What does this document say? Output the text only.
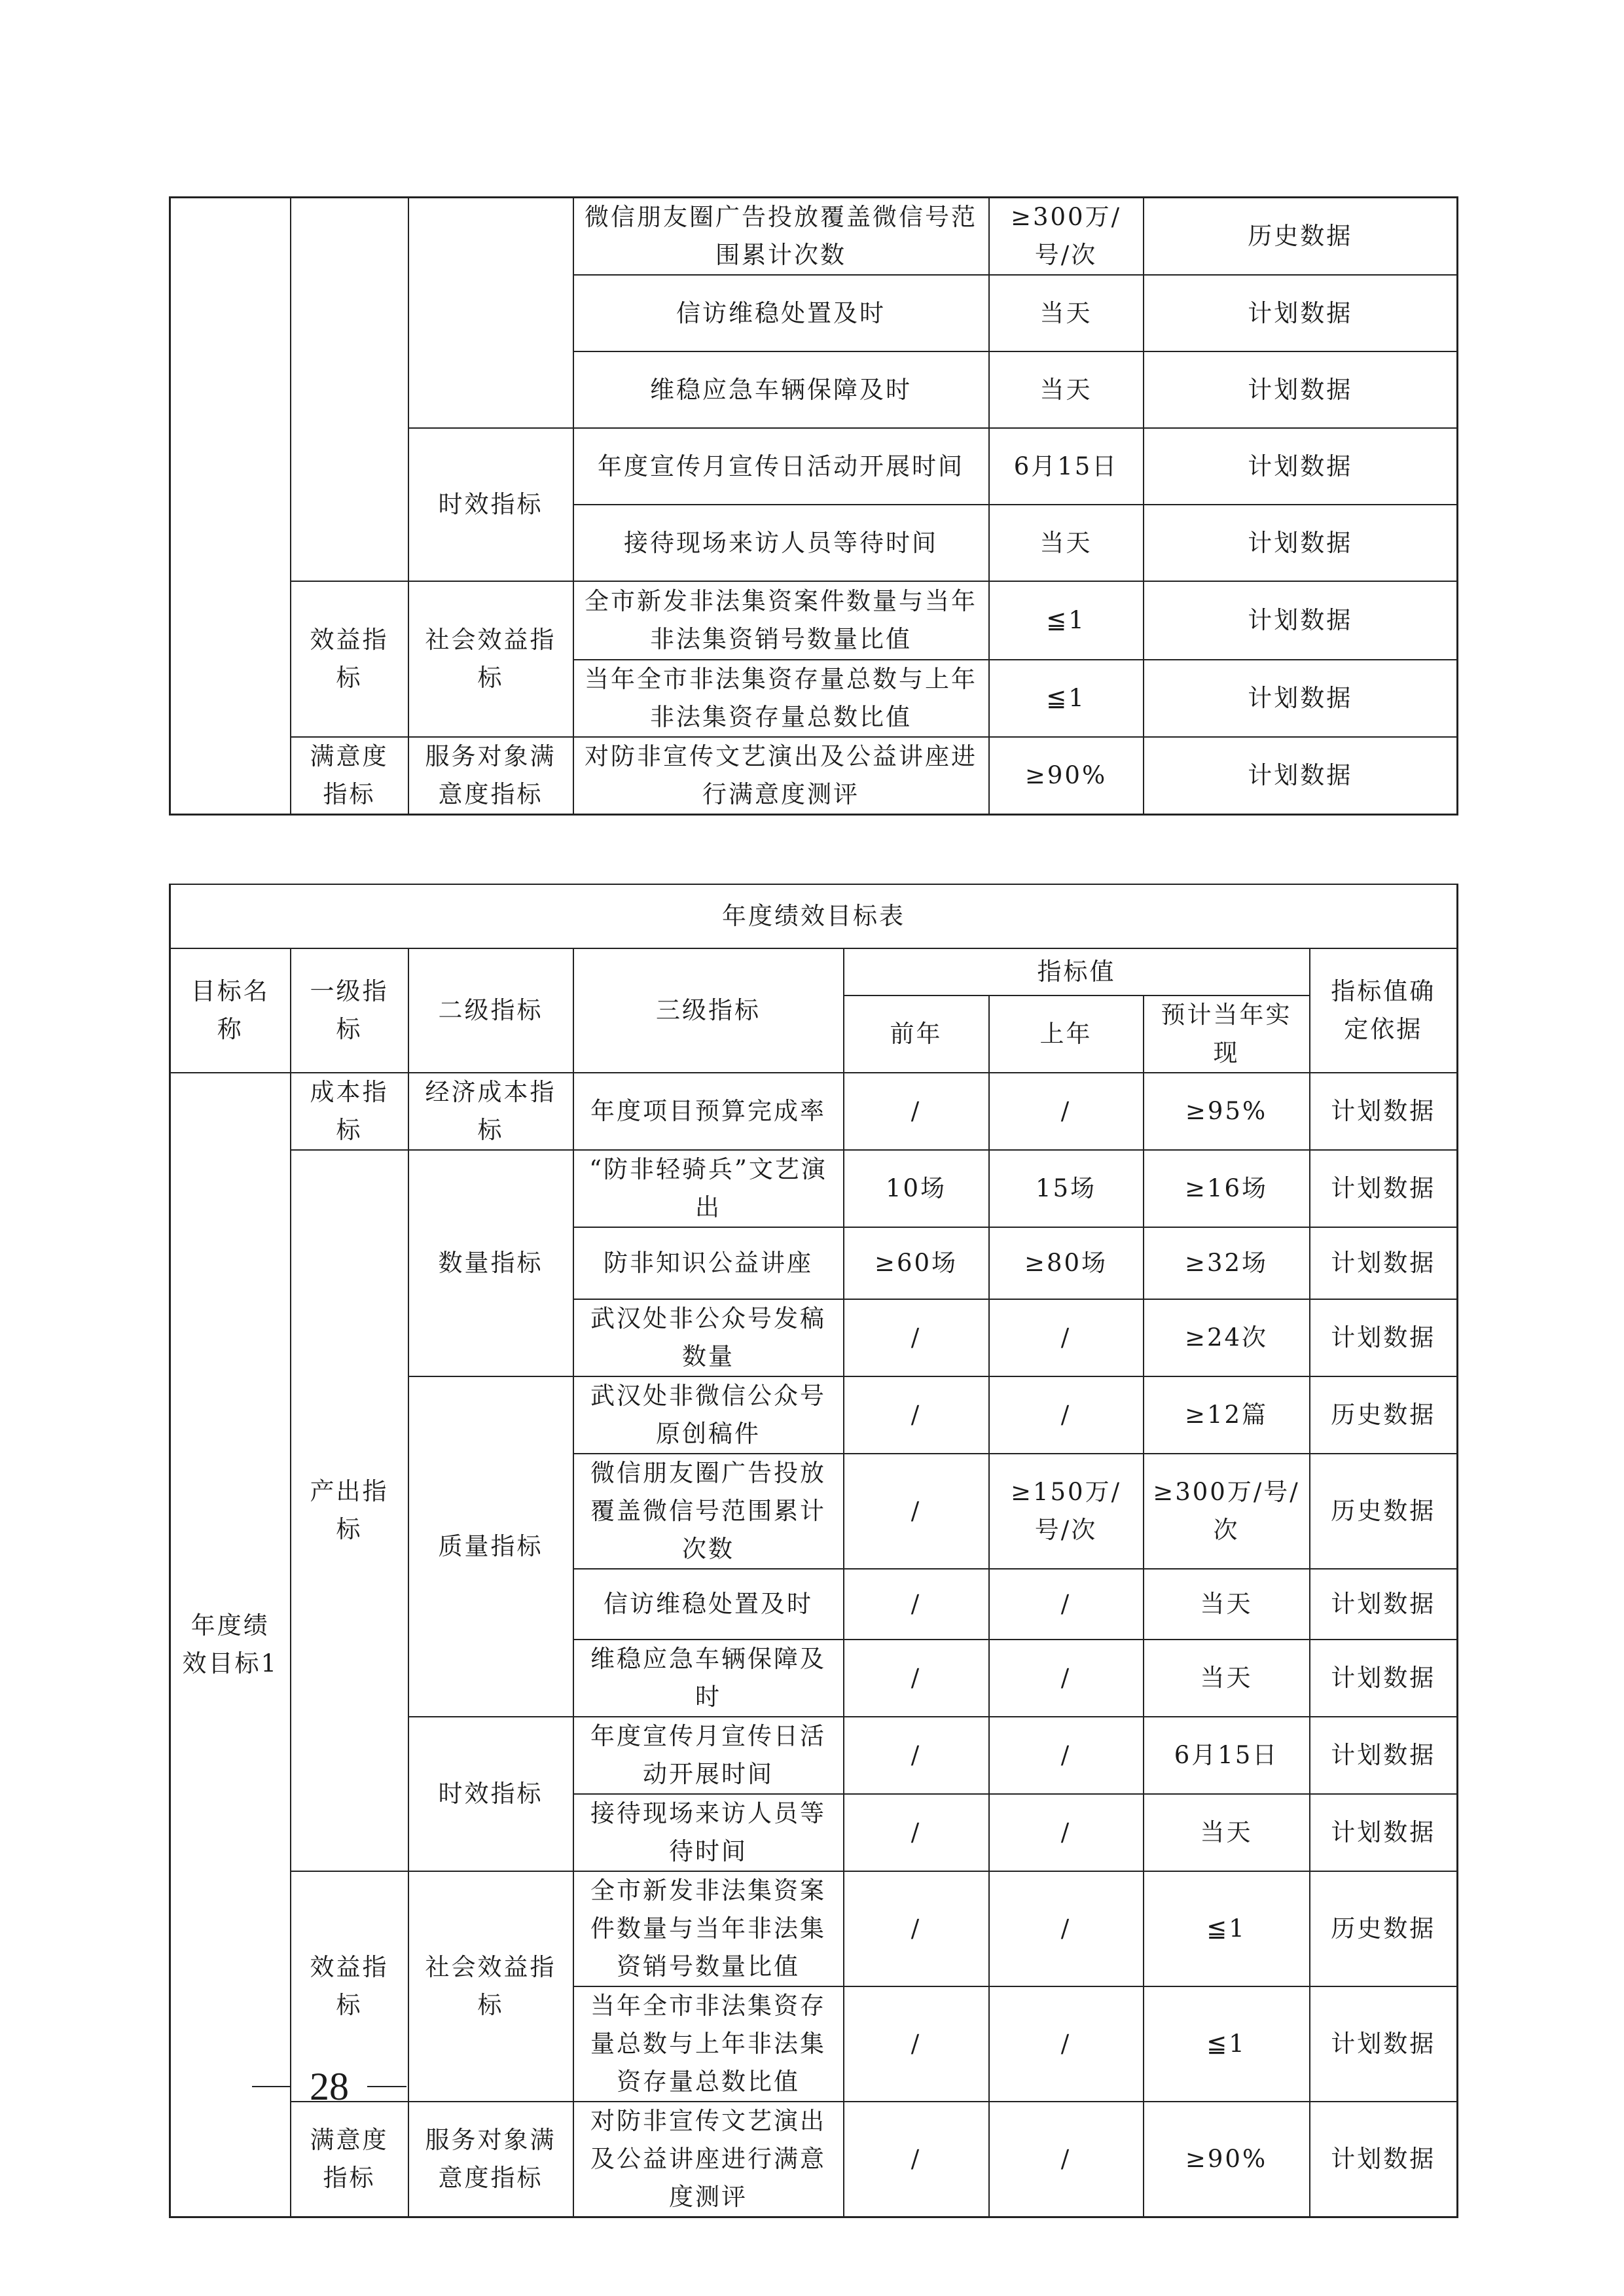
			微信朋友圈广告投放覆盖微信号范围累计次数	≥300万/号/次	历史数据
			信访维稳处置及时	当天	计划数据
			维稳应急车辆保障及时	当天	计划数据
		时效指标	年度宣传月宣传日活动开展时间	6月15日	计划数据
			接待现场来访人员等待时间	当天	计划数据
	效益指标	社会效益指标	全市新发非法集资案件数量与当年非法集资销号数量比值	≦1	计划数据
			当年全市非法集资存量总数与上年非法集资存量总数比值	≦1	计划数据
	满意度指标	服务对象满意度指标	对防非宣传文艺演出及公益讲座进行满意度测评	≥90%	计划数据
年度绩效目标表							
目标名称	一级指标	二级指标	三级指标	指标值			指标值确定依据
				前年	上年	预计当年实现	
年度绩效目标1	成本指标	经济成本指标	年度项目预算完成率	/	/	≥95%	计划数据
	产出指标	数量指标	“防非轻骑兵”文艺演出	10场	15场	≥16场	计划数据
			防非知识公益讲座	≥60场	≥80场	≥32场	计划数据
			武汉处非公众号发稿数量	/	/	≥24次	计划数据
		质量指标	武汉处非微信公众号原创稿件	/	/	≥12篇	历史数据
			微信朋友圈广告投放覆盖微信号范围累计次数	/	≥150万/号/次	≥300万/号/次	历史数据
			信访维稳处置及时	/	/	当天	计划数据
			维稳应急车辆保障及时	/	/	当天	计划数据
		时效指标	年度宣传月宣传日活动开展时间	/	/	6月15日	计划数据
			接待现场来访人员等待时间	/	/	当天	计划数据
	效益指标	社会效益指标	全市新发非法集资案件数量与当年非法集资销号数量比值	/	/	≦1	历史数据
			当年全市非法集资存量总数与上年非法集资存量总数比值	/	/	≦1	计划数据
	满意度指标	服务对象满意度指标	对防非宣传文艺演出及公益讲座进行满意度测评	/	/	≥90%	计划数据
28
